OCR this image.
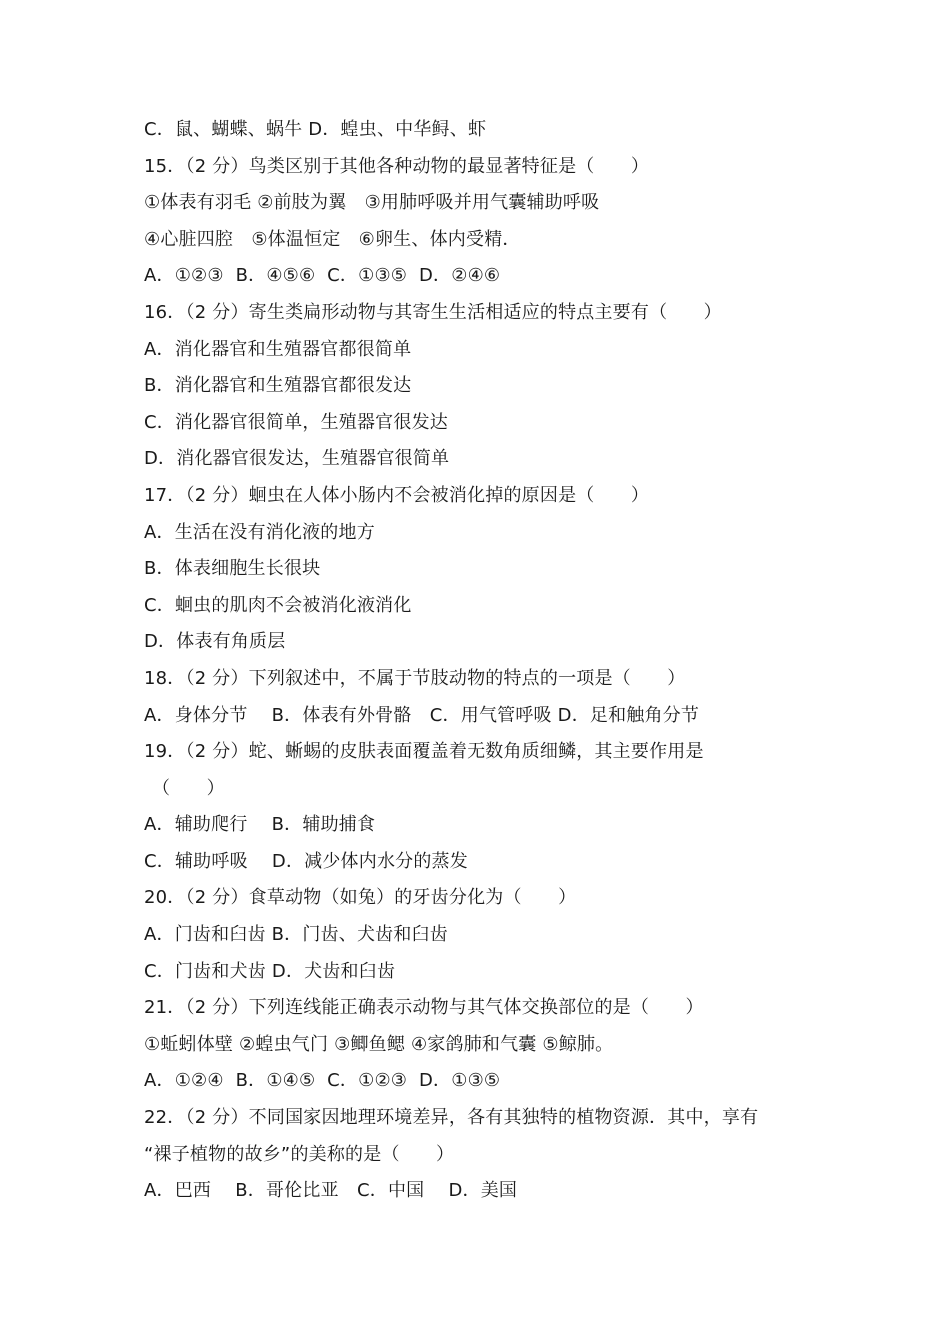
C．鼠、蝴蝶、蜗牛 D．蝗虫、中华鲟、虾
15．（2 分）鸟类区别于其他各种动物的最显著特征是（　　）
①体表有羽毛 ②前肢为翼　③用肺呼吸并用气囊辅助呼吸
④心脏四腔　⑤体温恒定　⑥卵生、体内受精．
A．①②③  B．④⑤⑥  C．①③⑤  D．②④⑥
16．（2 分）寄生类扁形动物与其寄生生活相适应的特点主要有（　　）
A．消化器官和生殖器官都很简单
B．消化器官和生殖器官都很发达
C．消化器官很简单，生殖器官很发达
D．消化器官很发达，生殖器官很简单
17．（2 分）蛔虫在人体小肠内不会被消化掉的原因是（　　）
A．生活在没有消化液的地方
B．体表细胞生长很块
C．蛔虫的肌肉不会被消化液消化
D．体表有角质层
18．（2 分）下列叙述中，不属于节肢动物的特点的一项是（　　）
A．身体分节　 B．体表有外骨骼　C．用气管呼吸 D．足和触角分节
19．（2 分）蛇、蜥蜴的皮肤表面覆盖着无数角质细鳞，其主要作用是
（　　）
A．辅助爬行　 B．辅助捕食
C．辅助呼吸　 D．减少体内水分的蒸发
20．（2 分）食草动物（如兔）的牙齿分化为（　　）
A．门齿和臼齿 B．门齿、犬齿和臼齿
C．门齿和犬齿 D．犬齿和臼齿
21．（2 分）下列连线能正确表示动物与其气体交换部位的是（　　）
①蚯蚓体壁 ②蝗虫气门 ③鲫鱼鳃 ④家鸽肺和气囊 ⑤鲸肺。
A．①②④  B．①④⑤  C．①②③  D．①③⑤
22．（2 分）不同国家因地理环境差异，各有其独特的植物资源．其中，享有
“裸子植物的故乡”的美称的是（　　）
A．巴西　 B．哥伦比亚　C．中国　 D．美国
